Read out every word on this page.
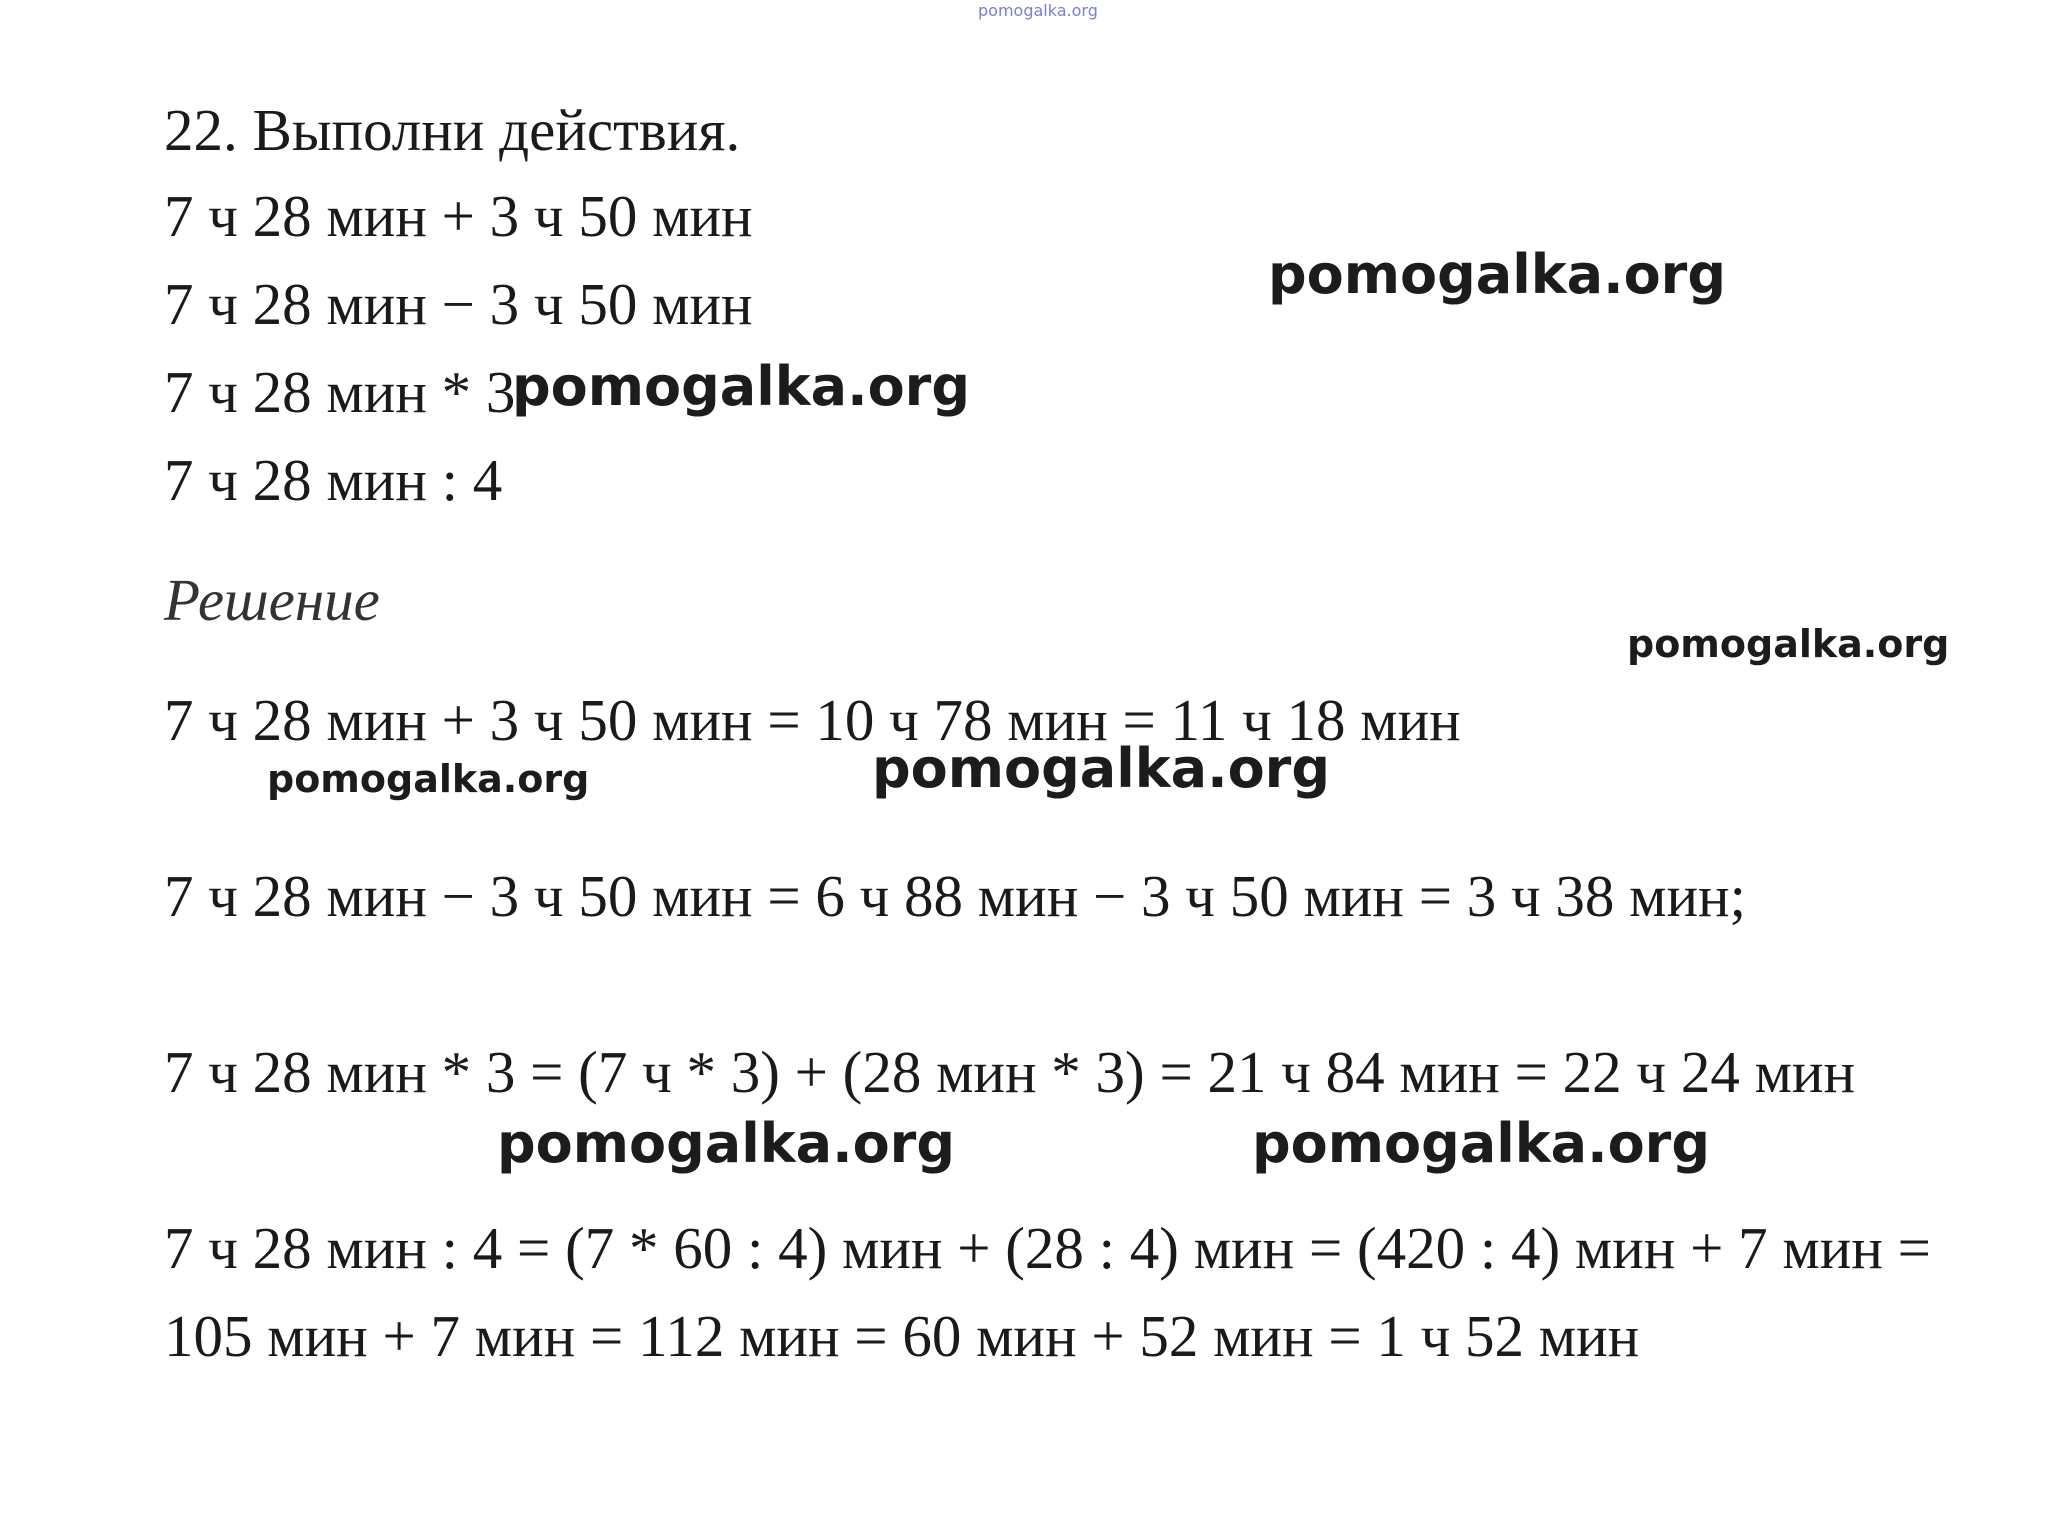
pomogalka.org
22. Выполни действия.
7 ч 28 мин + 3 ч 50 мин
7 ч 28 мин − 3 ч 50 мин
7 ч 28 мин * 3
7 ч 28 мин : 4
Решение
7 ч 28 мин + 3 ч 50 мин = 10 ч 78 мин = 11 ч 18 мин
7 ч 28 мин − 3 ч 50 мин = 6 ч 88 мин − 3 ч 50 мин = 3 ч 38 мин;
7 ч 28 мин * 3 = (7 ч * 3) + (28 мин * 3) = 21 ч 84 мин = 22 ч 24 мин
7 ч 28 мин : 4 = (7 * 60 : 4) мин + (28 : 4) мин = (420 : 4) мин + 7 мин =
105 мин + 7 мин = 112 мин = 60 мин + 52 мин = 1 ч 52 мин
pomogalka.org
pomogalka.org
pomogalka.org
pomogalka.org	pomogalka.org
pomogalka.org	pomogalka.org
